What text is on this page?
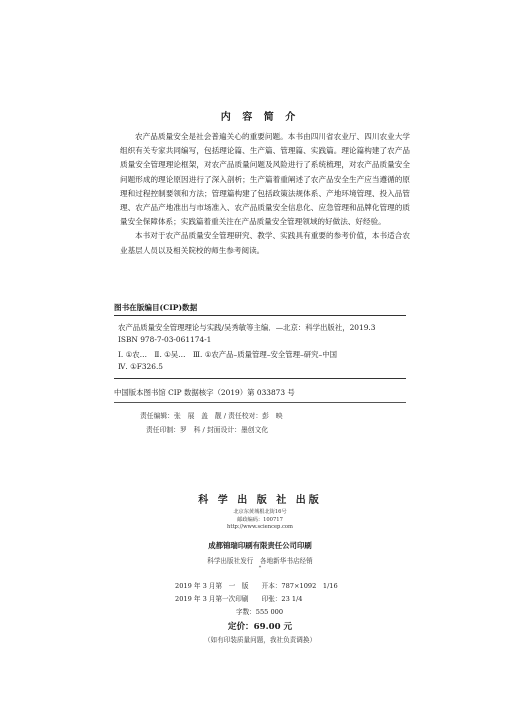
内 容 简 介

农产品质量安全是社会普遍关心的重要问题。本书由四川省农业厅、四川农业大学组织有关专家共同编写，包括理论篇、生产篇、管理篇、实践篇。理论篇构建了农产品质量安全管理理论框架，对农产品质量问题及风险进行了系统梳理，对农产品质量安全问题形成的理论原因进行了深入剖析；生产篇着重阐述了农产品安全生产应当遵循的原理和过程控制要领和方法；管理篇构建了包括政策法规体系、产地环境管理、投入品管理、农产品产地准出与市场准入、农产品质量安全信息化、应急管理和品牌化管理的质量安全保障体系；实践篇着重关注在产品质量安全管理领域的好做法、好经验。

本书对于农产品质量安全管理研究、教学、实践具有重要的参考价值，本书适合农业基层人员以及相关院校的师生参考阅读。

图书在版编目(CIP)数据
农产品质量安全管理理论与实践/吴秀敏等主编．—北京：科学出版社，2019.3
ISBN 978-7-03-061174-1
Ⅰ. ①农…　Ⅱ. ①吴…　Ⅲ. ①农产品–质量管理–安全管理–研究–中国
Ⅳ. ①F326.5
中国版本图书馆 CIP 数据核字（2019）第 033873 号
责任编辑：张　展　盖　靓 / 责任校对：彭　映
责任印制：罗　科 / 封面设计：墨创文化
科 学 出 版 社 出版
北京东黄城根北街16号
邮政编码：100717
http://www.sciencep.com
成都锦瑞印刷有限责任公司印刷
科学出版社发行　各地新华书店经销
*
2019 年 3 月第　一　版　　开本：787×1092　1/16
2019 年 3 月第一次印刷　　印张：23 1/4
字数：555 000
定价：69.00 元
（如有印装质量问题，我社负责调换）
